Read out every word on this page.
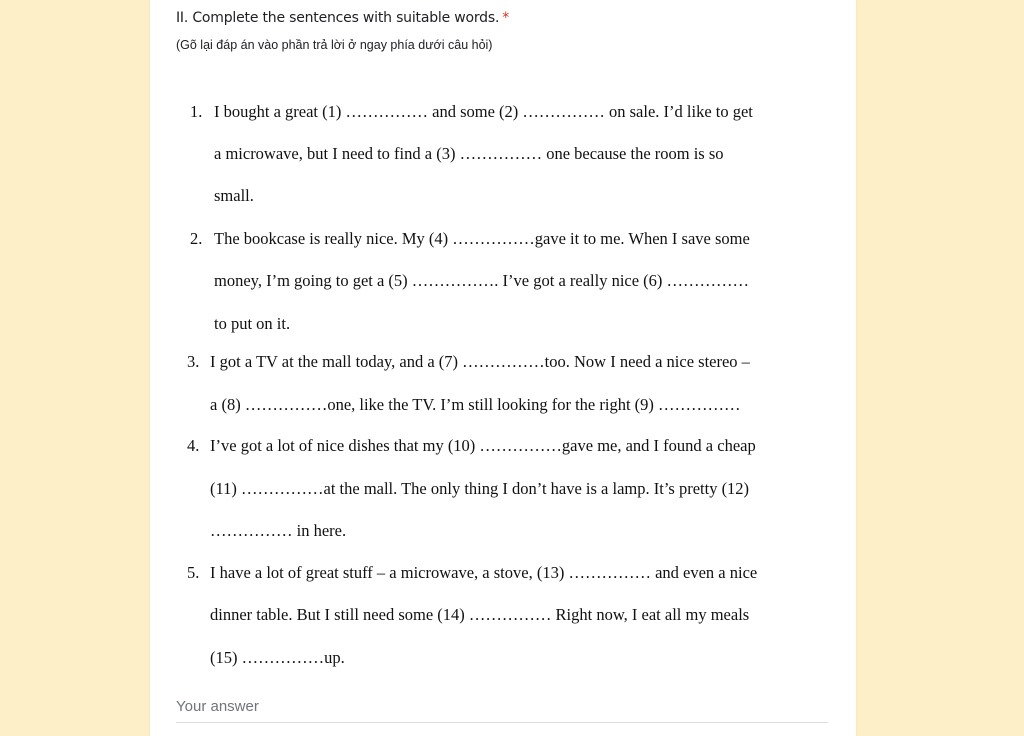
II. Complete the sentences with suitable words. *
(Gõ lại đáp án vào phần trả lời ở ngay phía dưới câu hỏi)
1. I bought a great (1) …………… and some (2) …………… on sale. I’d like to get
a microwave, but I need to find a (3) …………… one because the room is so
small.
2. The bookcase is really nice. My (4) ……………gave it to me. When I save some
money, I’m going to get a (5) ……………. I’ve got a really nice (6) ……………
to put on it.
3. I got a TV at the mall today, and a (7) ……………too. Now I need a nice stereo –
a (8) ……………one, like the TV. I’m still looking for the right (9) ……………
4. I’ve got a lot of nice dishes that my (10) ……………gave me, and I found a cheap
(11) ……………at the mall. The only thing I don’t have is a lamp. It’s pretty (12)
…………… in here.
5. I have a lot of great stuff – a microwave, a stove, (13) …………… and even a nice
dinner table. But I still need some (14) …………… Right now, I eat all my meals
(15) ……………up.
Your answer
